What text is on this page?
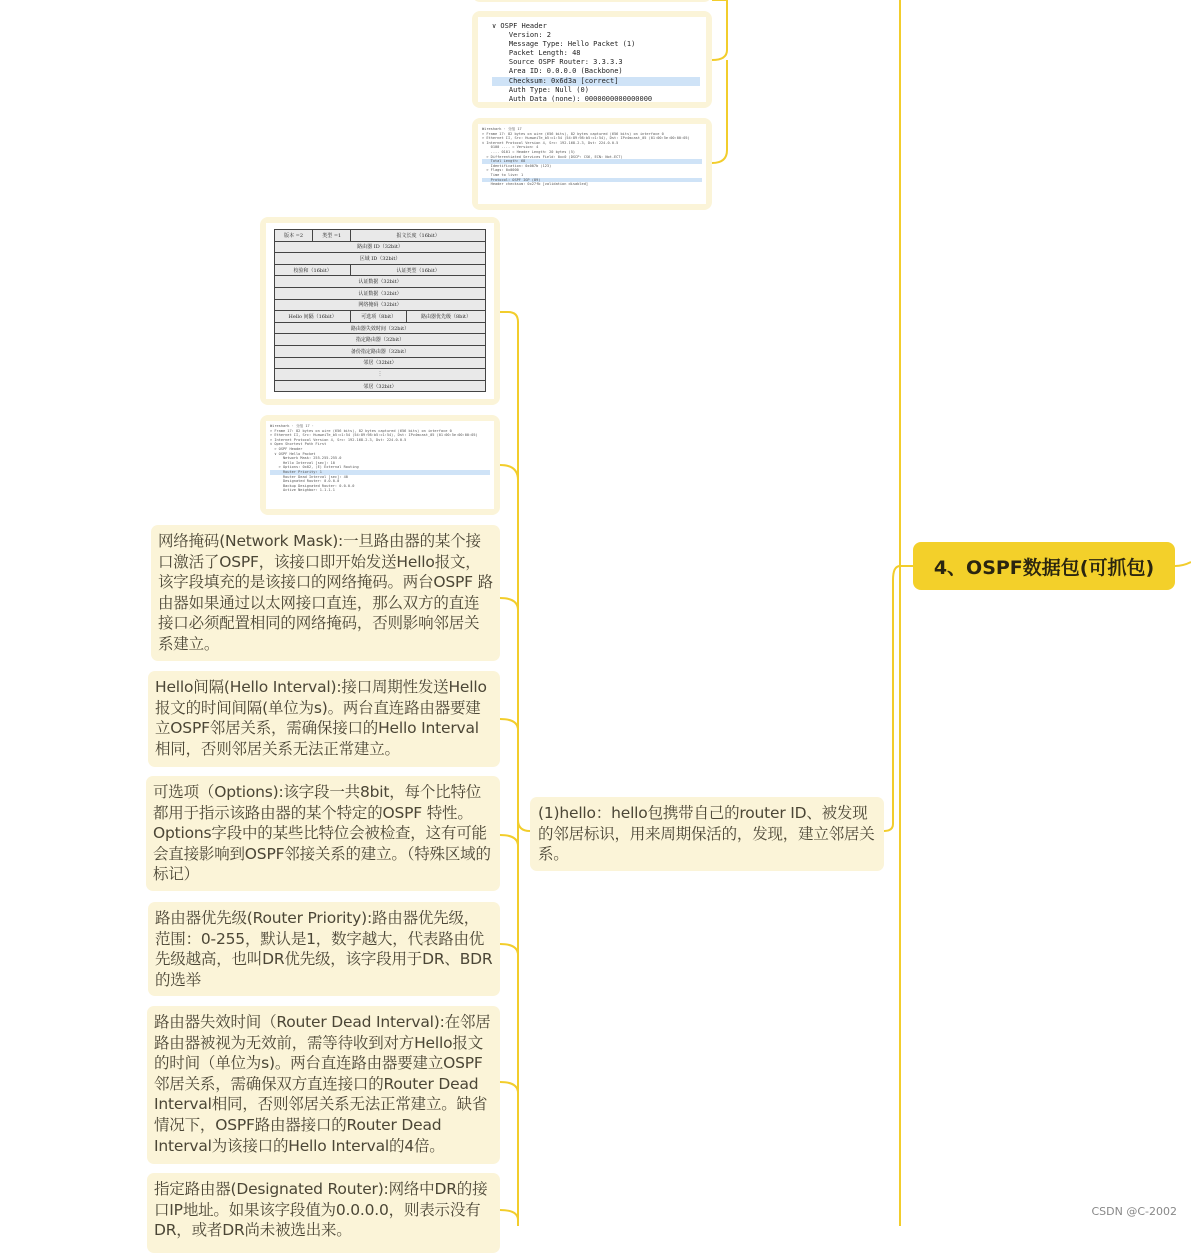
∨ OSPF Header
Version: 2
Message Type: Hello Packet (1)
Packet Length: 48
Source OSPF Router: 3.3.3.3
Area ID: 0.0.0.0 (Backbone)
Checksum: 0x6d3a [correct]
Auth Type: Null (0)
Auth Data (none): 0000000000000000
Wireshark · 分组 17
> Frame 17: 82 bytes on wire (656 bits), 82 bytes captured (656 bits) on interface 0
> Ethernet II, Src: HuaweiTe_b5:c1:54 (54:89:98:b5:c1:54), Dst: IPv4mcast_05 (01:00:5e:00:00:05)
∨ Internet Protocol Version 4, Src: 192.168.2.3, Dst: 224.0.0.5
0100 .... = Version: 4
.... 0101 = Header Length: 20 bytes (5)
> Differentiated Services Field: 0xc0 (DSCP: CS6, ECN: Not-ECT)
Total Length: 68
Identification: 0x007b (123)
> Flags: 0x0000
Time to live: 1
Protocol: OSPF IGP (89)
Header checksum: 0x27fb [validation disabled]
版本 =2	类型 =1	报文长度（16bit）	
路由器 ID（32bit）			
区域 ID（32bit）			
校验和（16bit）		认证类型（16bit）	
认证数据（32bit）			
认证数据（32bit）			
网络掩码（32bit）			
Hello 间隔（16bit）		可选项（8bit）	路由器优先级（8bit）
路由器失效时间（32bit）			
指定路由器（32bit）			
备份指定路由器（32bit）			
邻居（32bit）			
⋮			
邻居（32bit）			
Wireshark · 分组 17 ·
> Frame 17: 82 bytes on wire (656 bits), 82 bytes captured (656 bits) on interface 0
> Ethernet II, Src: HuaweiTe_b5:c1:54 (54:89:98:b5:c1:54), Dst: IPv4mcast_05 (01:00:5e:00:00:05)
> Internet Protocol Version 4, Src: 192.168.2.3, Dst: 224.0.0.5
∨ Open Shortest Path First
> OSPF Header
∨ OSPF Hello Packet
Network Mask: 255.255.255.0
Hello Interval [sec]: 10
> Options: 0x02, (E) External Routing
Router Priority: 1
Router Dead Interval [sec]: 40
Designated Router: 0.0.0.0
Backup Designated Router: 0.0.0.0
Active Neighbor: 1.1.1.1
网络掩码(Network Mask):一旦路由器的某个接口激活了OSPF，该接口即开始发送Hello报文，该字段填充的是该接口的网络掩码。两台OSPF 路由器如果通过以太网接口直连，那么双方的直连接口必须配置相同的网络掩码，否则影响邻居关系建立。
Hello间隔(Hello Interval):接口周期性发送Hello报文的时间间隔(单位为s)。两台直连路由器要建立OSPF邻居关系，需确保接口的Hello Interval相同，否则邻居关系无法正常建立。
可选项（Options):该字段一共8bit，每个比特位都用于指示该路由器的某个特定的OSPF 特性。Options字段中的某些比特位会被检查，这有可能会直接影响到OSPF邻接关系的建立。（特殊区域的标记）
路由器优先级(Router Priority):路由器优先级，范围：0-255，默认是1，数字越大，代表路由优先级越高，也叫DR优先级，该字段用于DR、BDR的选举
路由器失效时间（Router Dead Interval):在邻居路由器被视为无效前，需等待收到对方Hello报文的时间（单位为s)。两台直连路由器要建立OSPF 邻居关系，需确保双方直连接口的Router Dead Interval相同，否则邻居关系无法正常建立。缺省情况下，OSPF路由器接口的Router Dead Interval为该接口的Hello Interval的4倍。
指定路由器(Designated Router):网络中DR的接口IP地址。如果该字段值为0.0.0.0，则表示没有DR，或者DR尚未被选出来。
(1)hello：hello包携带自己的router ID、被发现的邻居标识，用来周期保活的，发现，建立邻居关系。
4、OSPF数据包(可抓包)
CSDN @C-2002
